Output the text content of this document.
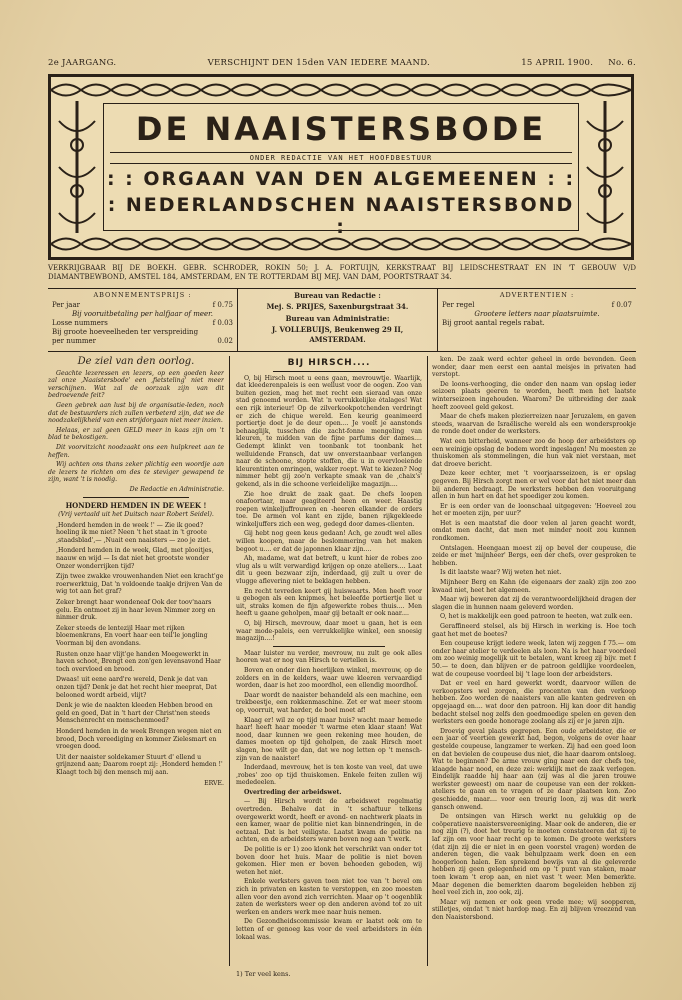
2e JAARGANG.	VERSCHIJNT DEN 15den VAN IEDERE MAAND.	15 APRIL 1900. No. 6.
DE NAAISTERSBODE
ONDER REDACTIE VAN HET HOOFDBESTUUR
: : ORGAAN VAN DEN ALGEMEENEN : :
: NEDERLANDSCHEN NAAISTERSBOND :
VERKRIJGBAAR BIJ DE BOEKH. GEBR. SCHRODER, ROKIN 50; J. A. FORTUIJN, KERKSTRAAT BIJ LEIDSCHESTRAAT EN IN 'T GEBOUW V/D DIAMANTBEWBOND, AMSTEL 184, AMSTERDAM, EN TE ROTTERDAM BIJ MEJ. VAN DAM, POORTSTRAAT 34.
ABONNEMENTSPRIJS :
Per jaar	f 0.75
Bij vooruitbetaling per halfjaar of meer.
Losse nummers	f 0.03
Bij groote hoeveelheden ter verspreiding per nummer	0.02
Bureau van Redactie :
Mej. S. PRIJES, Saxenburgstraat 34.
Bureau van Administratie:
J. VOLLEBUIJS, Beukenweg 29 II,
AMSTERDAM.
ADVERTENTIEN :
Per regel	f 0.07
Grootere letters naar plaatsruimte.
Bij groot aantal regels rabat.
De ziel van den oorlog.

Geachte lezeressen en lezers, op een goeden keer zal onze ‚Naaistersbode' een ‚fietsteling' niet meer verschijnen. Wat zal de oorzaak zijn van dit bedroevende feit?

Geen gebrek aan lust bij de organisatie-leden, noch dat de bestuurders zich zullen verbeterd zijn, dat we de noodzakelijkheid van een strijdorgaan niet meer inzien.

Helaas, er zal geen GELD meer in kaas zijn om 't blad te bekostigen.

Dit voorvitzicht noodzaakt ons een hulpkreet aan te heffen.

Wij achten ons thans zeker plichtig een woordje aan de lezers te richten om des te steviger gewapend te zijn, want 't is noodig.

De Redactie en Administratie.
HONDERD HEMDEN IN DE WEEK !
(Vrij vertaald uit het Duitsch naar Robert Seidel).
‚Honderd hemden in de week !' — Zie ik goed? hoeling ik me niet? Neen 't het staat in 't groote ‚staadsblad',— ‚Nuait een naaisters — zoo je ziet.
‚Honderd hemden in de week, Glad, met plooitjes, naauw en wijd — Is dat niet het grootste wonder Onzer wonderrijken tijd?
Zijn twee zwakke vrouwenhanden Niet een kracht'ge roerwerktuig, Dat 'n voldoende taakje drijven Van de wig tot aan het graf?
Zeker brengt haar wondeneaf Ook der toov'naars gelu. En ontmoet zij in haar leven Nimmer zorg en ninmer druk.
Zeker steeds de lentezijl Haar met rijken bloemenkrans, En voert haar een teil'le jongling Voorman bij den avondans.
Rusten onze haar vlijt'ge handen Moegewerkt in haven schoot, Brengt een zon'gen levensavond Haar toch overvloed en brood.
Dwaas! uit eene aard're wereld, Denk je dat van onzen tijd? Denk je dat het recht hier meeprat, Dat belooned wordt arbeid, vlijt?
Denk je wie de naakten kleeden Hebben brood en geld en goed, Dat in 't hart der Christ'nen steeds Menschenrecht en menschenmoed?
Honderd hemden in de week Brengen wegen niet en brood, Doch vereediging en kommer Zielesmart en vroegen dood.
Uit der naaister soldekamer Stuurt d' ellend u grijnzend aan; Daarom roept zij: ‚Honderd hemden !' Klaagt toch bij den mensch mij aan.
ERVE.
BIJ HIRSCH....

O, bij Hirsch moet u eens gaan, mevrouwtje. Waarlijk, dat kleederenpaleis is een wellust voor de oogen. Zoo van buiten gezien, mag het met recht een sieraad van onze stad genoemd worden. Wat 'n verrukkelijke étalages! Wat een rijk interieur! Op de zilverkookpotchenden verdringt er zich de chique wereld. Een keurig geanimeerd portiertje doet je de deur open.... Je voelt je aanstonds behaaglijk, tusschen die zacht-fonne mengeling van kleuren, te midden van de fijne parfums der dames.... Gedempt klinkt ven toonbank tot toonbank het welluidende Fransch, dat uw onverstaanbaar verlangen naar de schoone, stopte stoffen, die u in overvloeiende kleurentinten omringen, wakker roept. Wat te kiezen? Nog nimmer hebt gij zoo'n verkapte smaak van de ‚chaix's' gekend, als in die schoone verleidelijke magazijn....

Zie hoe drukt de zaak gaat. De chefs loopen onafoortaar, maar geagiteerd heen en weer. Haastig roepen winkeljuffrouwen en -heeren elkander de orders toe. De armen vol kant en zijde, banen rijkgekleede winkeljuffers zich een weg, gedegd door dames-clienten.

Gij hebt nog geen keus gedaan! Ach, ge zoudt wel alles willen koopen, maar de beslommering van het maken begoot u.... er dat de japonnen klaar zijn....

Ah, madame, wat dat betreft, u kunt hier de robes zoo vlug als u wilt verwardigd krijgen op onze ateliers.... Laat dit u geen bezwaar zijn, inderdaad, gij zult u over de vlugge aflevering niet te beklagen hebben.

En recht tevreden keert gij huiswaarts. Men heeft voor u gebogen als een knipmes, het beleefde portiertje liet u uit, straks komen de fijn afgewerkte robes thuis.... Men heeft u gaane geholpen, maar gij betaalt er ook naar....

O, bij Hirsch, mevrouw, daar moet u gaan, het is een waar mode-paleis, een verrukkelijke winkel, een snoesig magazijn....!

Maar luister nu verder, mevrouw, nu zult ge ook alles hooren wat er nog van Hirsch te vertellen is.

Boven en onder dien heerlijken winkel, mevrouw, op de zolders en in de kelders, waar uwe kleeren vervaardigd worden, daar is het zoo moordhol, een ellendig moordhol.

Daar wordt de naaister behandeld als een machine, een trekbeestje, een rokkenmaschine. Zet er wat meer stoom op, voorruit, wat harder, de boel moet af!

Klaag er! wil ze op tijd maar huis? wacht maar hemede haar! heeft haar moeder 't warme eten klaar staan! Wat nood, daar kunnen we geen rekening mee houden, de dames moeten op tijd geholpen, de zaak Hirsch moet slagen, hoe wilt ge dan, dat we nog letten op 't mensch-zijn van de naaister!

Inderdaad, mevrouw, het is ten koste van veel, dat uwe ‚robes' zoo op tijd thuiskomen. Enkele feiten zullen wij mededeelen.

Overtreding der arbeidswet.

— Bij Hirsch wordt de arbeidswet regelmatig overtreden. Behalve dat in 't schaftuur telkens overgewerkt wordt, heeft er avond- en nachtwerk plaats in een kamer, waar de politie niet kan binnendringen, in de eetzaal. Dat is het veiligste. Laatst kwam de politie na achten, en de arbeidsters waren boven nog aan 't werk.

De politie is er 1) zoo klonk het verschrikt van onder tot boven door het huis. Maar de politie is niet boven gekomen. Hier men er boven behoeden geboden, wij weten het niet.

Enkele werksters gaven toen niet toe van 't bevel om zich in privaten en kasten te verstoppen, en zoo moesten allen voor den avond zich verrichten. Maar op 't oogenblik zaten de werksters weer op den anderen avond tot zo uit werken en anders werk mee naar huis nemen.

De Gezondheidscommissie kwam er laatst ook om te letten of er genoeg kas voor de veel arbeidsters in één lokaal was.

ken. De zaak werd echter geheel in orde bevonden. Geen wonder, daar men eerst een aantal meisjes in privaten had verstopt.

De loons-verhooging, die onder den naam van opslag ieder seizoen plaats geeren te worden, heeft men het laatste winterseizoen ingehouden. Waarom? De uitbreiding der zaak heeft zooveel geld gekost.

Maar de chefs maken plezierreizen naar Jeruzalem, en gaven steeds, waarvan de Israëlische wereld als een wondersprookje de ronde doet onder de werksters.

Wat een bitterheid, wanneer zoo de hoop der arbeidsters op een weinigje opslag de bodem wordt ingeslagen! Nu moesten ze thuiskomen als stommelingen, die hun vak niet verstaan, met dat droeve bericht.

Deze keer echter, met 't voorjaarsseizoen, is er opslag gegeven. Bij Hirsch zorgt men er wel voor dat het niet meer dan bij anderen bedraagt. De werksters hebben den vooruitgang allen in hun hart en dat het spoediger zou komen.

Er is een order van de loonschaal uitgegeven: 'Hoeveel zou het er moeten zijn, per uur?'

Het is een maatstaf die door velen al jaren geacht wordt, omdat men dacht, dat men met minder nooit zou kunnen rondkomen.

Ontslagen. Heengaan moest zij op bevel der coupeuse, die zeide er met 'mijnheer' Bergs, een der chefs, over gesproken te hebben.

Is dit laatste waar? Wij weten het niet.

Mijnheer Berg en Kahn (de eigenaars der zaak) zijn zoo zoo kwaad niet, heet het algemeen.

Maar wij beweren dat zij de verantwoordelijkheid dragen der slagen die in hunnen naam geleverd worden.

O, het is makkelijk een goed patroon te heeten, wat zulk een.

Geraffineerd stelsel, als bij Hirsch in werking is. Hoe toch gaat het met de boetes?

Een coupeuse krijgt iedere week, laten wij zeggen f 75.— om onder haar atelier te verdeelen als loon. Na is het haar voordeel om zoo weinig mogelijk uit te betalen, want kreeg zij bijv. met f 50.— te doen, dan blijven er de patroon geldlijke voordeelen, wat de coupeuse voordeel bij 't lage loon der arbeidsters.

Dat er veel en hard gewerkt wordt, daarvoor willen de verkoopsters wel zorgen, die procenten van den verkoop hebben. Zoo worden de naaisters van alle kanten gedreven en opgejaagd en.... wat door den patroon. Hij kan door dit handig bedacht stelsel nog zelfs den goedmoedige spelen en geven den werksters een goede honorage zoolang als zij er je jaren zijn.

Droevig geval plaats gegrepen. Een oude arbeidster, die er een jaar of veertien gewerkt had, begon, volgens de over haar gestelde coupeuse, langzamer te werken. Zij had een goed loon en dat bevielen de coupeuse dus niet, die haar daarom ontsloeg. Wat te beginnen? De arme vrouw ging naar een der chefs toe, klaagde haar nood, en deze zei: werklijk met de zaak verlegen. Eindelijk raadde hij haar aan (zij was al die jaren trouwe werkster geweest) om naar de coupeuse van een der rokken-ateliers te gaan en te vragen of ze daar plaatsen kon. Zoo geschiedde, maar.... voor een treurig loon, zij was dit werk gansch onwend.

De ontsingen van Hirsch werkt nu gelukkig op de coöperatieve naaistersvereeniging. Maar ook de anderen, die er nog zijn (?), doet het treurig te moeten constateeren dat zij te laf zijn om voor haar recht op te komen. De groote werksters (dat zijn zij die er niet in en geen voorstel vragen) worden de anderen tegen, die vaak behulpzaam werk doen en een hoogerloon halen. Een sprekend bewijs van al die geleverde hebben zij geen gelegenheid om op 't punt van staken, maar toen kwam 't erop aan, en niet vast 't weer. Men bemerkte. Maar degenen die bemerkten daarom begeleiden hebben zij heel veel zich in, zoo ook, zij.

Maar wij nemen er ook geen vrede mee; wij soopperen, stilletjes, omdat 't niet hardop mag. En zij blijven vreezend van den Naaistersbond.

1) Ter veel kens.
